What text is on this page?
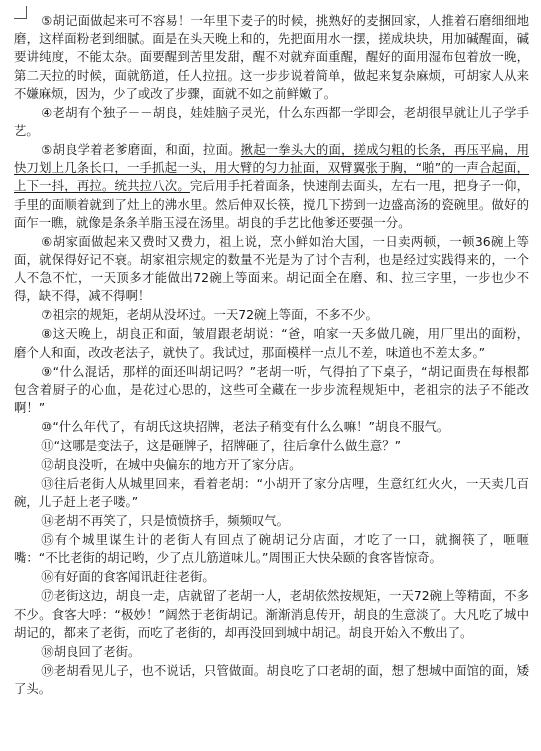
⑤胡记面做起来可不容易！一年里下麦子的时候，挑熟好的麦捆回家，人推着石磨细细地磨，这样面粉老到细腻。面是在头天晚上和的，先把面用水一摆，搓成块块，用加碱醒面，碱要讲纯度，不能太杂。面要醒到苦里发甜，醒不对就弃面重醒，醒好的面用湿布包着放一晚，第二天拉的时候，面就筋道，任人拉扭。这一步步说着简单，做起来复杂麻烦，可胡家人从来不嫌麻烦，因为，少了或改了步骤，面就不如之前鲜嫩了。

④老胡有个独子－－胡良，娃娃脑子灵光，什么东西都一学即会，老胡很早就让儿子学手艺。

⑤胡良学着老爹磨面，和面，拉面。揪起一拳头大的面，搓成匀粗的长条，再压平扁，用快刀划上几条长口，一手抓起一头，用大臂的匀力扯面，双臂翼张于胸，“啪”的一声合起面，上下一抖，再拉。统共拉八次。完后用手托着面条，快速削去面头，左右一甩，把身子一仰，手里的面顺着就到了灶上的沸水里。然后伸双长筷，搅几下捞到一边盛高汤的瓷碗里。做好的面乍一瞧，就像是条条羊脂玉浸在汤里。胡良的手艺比他爹还要强一分。

⑥胡家面做起来又费时又费力，祖上说，烹小鲜如治大国，一日卖两顿，一顿36碗上等面，就保得好记不衰。胡家祖宗规定的数量不光是为了讨个吉利，也是经过实践得来的，一个人不急不忙，一天顶多才能做出72碗上等面来。胡记面全在磨、和、拉三字里，一步也少不得，缺不得，减不得啊！

⑦祖宗的规矩，老胡从没坏过。一天72碗上等面，不多不少。

⑧这天晚上，胡良正和面，皱眉跟老胡说：“爸，咱家一天多做几碗，用厂里出的面粉，磨个人和面，改改老法子，就快了。我试过，那面模样一点儿不差，味道也不差太多。”

⑨“什么混话，那样的面还叫胡记吗？”老胡一听，气得拍了下桌子，“胡记面贵在每根都包含着厨子的心血，是花过心思的，这些可全藏在一步步流程规矩中，老祖宗的法子不能改啊！”

⑩“什么年代了，有胡氏这块招牌，老法子稍变有什么么嘛！”胡良不服气。

⑪“这哪是变法子，这是砸牌子，招牌砸了，往后拿什么做生意？”

⑫胡良没听，在城中央偏东的地方开了家分店。

⑬往后老街人从城里回来，看着老胡：“小胡开了家分店哩，生意红红火火，一天卖几百碗，儿子赶上老子喽。”

⑭老胡不再笑了，只是愤愤挤手，频频叹气。

⑮有个城里谋生计的老街人有回点了碗胡记分店面，才吃了一口，就搁筷了，咂咂嘴：“不比老街的胡记哟，少了点儿筋道味儿。”周围正大快朵颐的食客皆惊奇。

⑯有好面的食客闻讯赶往老街。

⑰老街这边，胡良一走，店就留了老胡一人，老胡依然按规矩，一天72碗上等精面，不多不少。食客大呼：“极妙！”阔然于老街胡记。渐渐消息传开，胡良的生意淡了。大凡吃了城中胡记的，都来了老街，而吃了老街的，却再没回到城中胡记。胡良开始入不敷出了。

⑱胡良回了老街。

⑲老胡看见儿子，也不说话，只管做面。胡良吃了口老胡的面，想了想城中面馆的面，矮了头。
